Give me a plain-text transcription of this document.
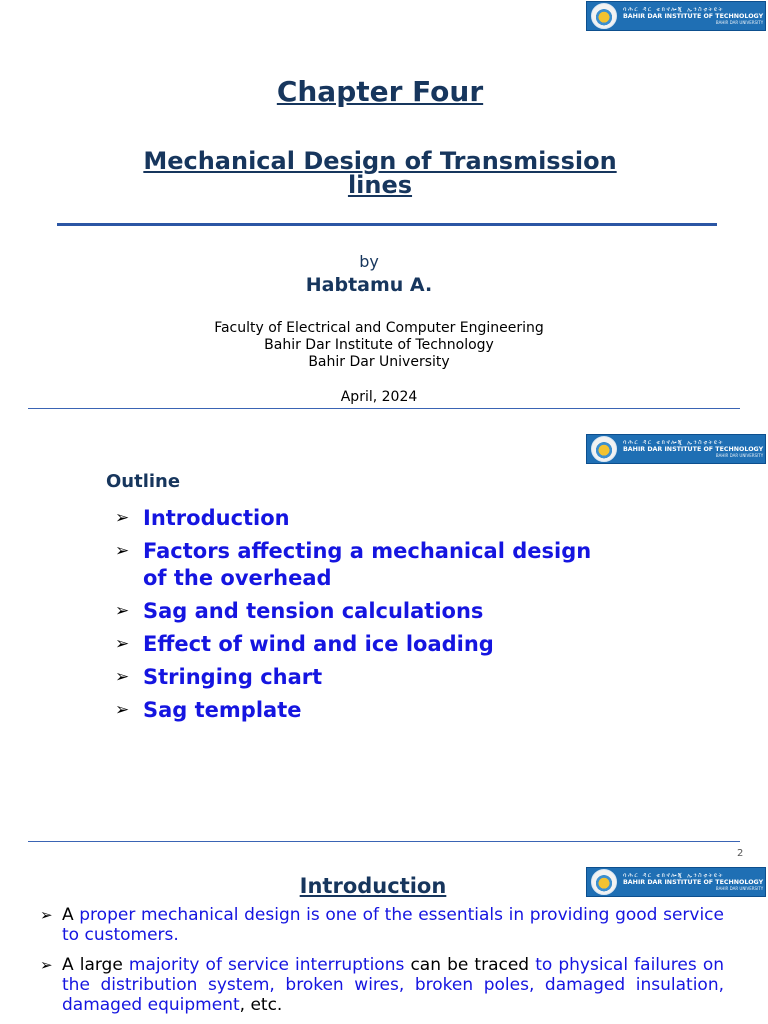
ባሕር ዳር ቴክኖሎጂ ኢንስቲትዩት
BAHIR DAR INSTITUTE OF TECHNOLOGY
BAHIR DAR UNIVERSITY
Chapter Four
Mechanical Design of Transmission lines
by
Habtamu A.
Faculty of Electrical and Computer Engineering
Bahir Dar Institute of Technology
Bahir Dar University
April, 2024
ባሕር ዳር ቴክኖሎጂ ኢንስቲትዩት
BAHIR DAR INSTITUTE OF TECHNOLOGY
BAHIR DAR UNIVERSITY
Outline
➢ Introduction
➢ Factors affecting a mechanical design of the overhead
➢ Sag and tension calculations
➢ Effect of wind and ice loading
➢ Stringing chart
➢ Sag template
2
ባሕር ዳር ቴክኖሎጂ ኢንስቲትዩት
BAHIR DAR INSTITUTE OF TECHNOLOGY
BAHIR DAR UNIVERSITY
Introduction
➢ A proper mechanical design is one of the essentials in providing good service to customers.
➢ A large majority of service interruptions can be traced to physical failures on the distribution system, broken wires, broken poles, damaged insulation, damaged equipment, etc.
